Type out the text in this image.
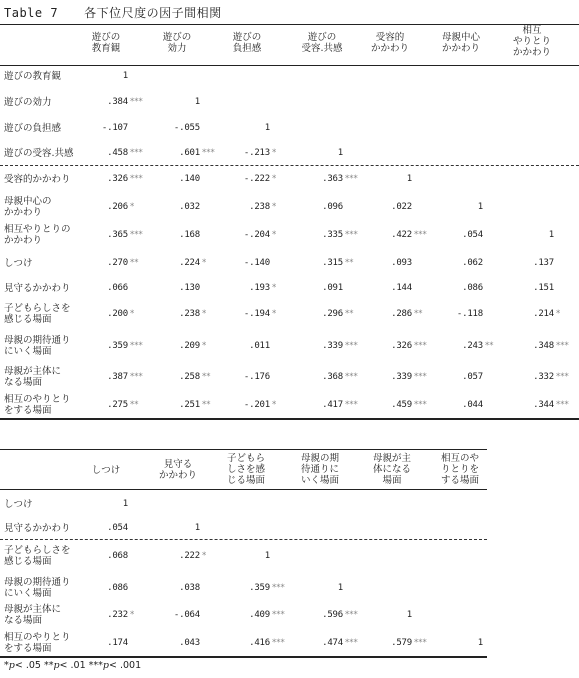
Table 7 各下位尺度の因子間相関
遊びの
教育観
遊びの
効力
遊びの
負担感
遊びの
受容.共感
受容的
かかわり
母親中心
かかわり
相互
やりとり
かかわり
遊びの教育観	1
遊びの効力	.384 ***	1
遊びの負担感	-.107	-.055	1
遊びの受容.共感	.458 ***	.601 ***	-.213 *	1
受容的かかわり	.326 ***	.140	-.222 *	.363 ***	1
母親中心の
かかわり	.206 *	.032	.238 *	.096	.022	1
相互やりとりの
かかわり	.365 ***	.168	-.204 *	.335 ***	.422 ***	.054	1
しつけ	.270 **	.224 *	-.140	.315 **	.093	.062	.137
見守るかかわり	.066	.130	.193 *	.091	.144	.086	.151
子どもらしさを
感じる場面	.200 *	.238 *	-.194 *	.296 **	.286 **	-.118	.214 *
母親の期待通り
にいく場面	.359 ***	.209 *	.011	.339 ***	.326 ***	.243 **	.348 ***
母親が主体に
なる場面	.387 ***	.258 **	-.176	.368 ***	.339 ***	.057	.332 ***
相互のやりとり
をする場面	.275 **	.251 **	-.201 *	.417 ***	.459 ***	.044	.344 ***
しつけ
見守る
かかわり
子どもら
しさを感
じる場面
母親の期
待通りに
いく場面
母親が主
体になる
場面
相互のや
りとりを
する場面
しつけ	1
見守るかかわり	.054	1
子どもらしさを
感じる場面	.068	.222 *	1
母親の期待通り
にいく場面	.086	.038	.359 ***	1
母親が主体に
なる場面	.232 *	-.064	.409 ***	.596 ***	1
相互のやりとり
をする場面	.174	.043	.416 ***	.474 ***	.579 ***	1
*p< .05 **p< .01 ***p< .001
